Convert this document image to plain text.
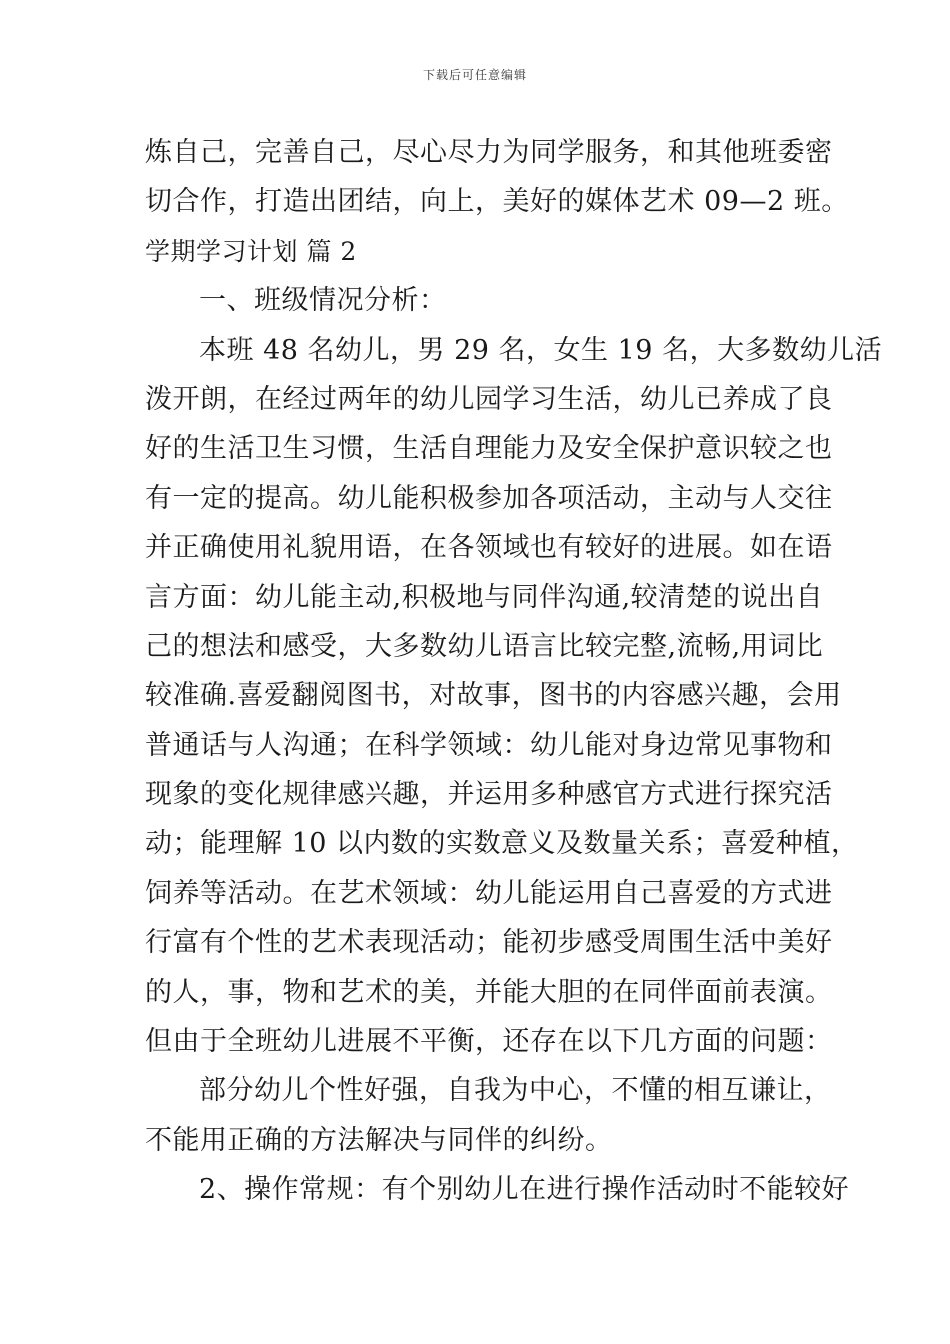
下载后可任意编辑
炼自己，完善自己，尽心尽力为同学服务，和其他班委密
切合作，打造出团结，向上，美好的媒体艺术 09—2 班。
学期学习计划 篇 2
一、班级情况分析：
本班 48 名幼儿，男 29 名，女生 19 名，大多数幼儿活
泼开朗，在经过两年的幼儿园学习生活，幼儿已养成了良
好的生活卫生习惯，生活自理能力及安全保护意识较之也
有一定的提高。幼儿能积极参加各项活动，主动与人交往
并正确使用礼貌用语，在各领域也有较好的进展。如在语
言方面：幼儿能主动,积极地与同伴沟通,较清楚的说出自
己的想法和感受，大多数幼儿语言比较完整,流畅,用词比
较准确.喜爱翻阅图书，对故事，图书的内容感兴趣，会用
普通话与人沟通；在科学领域：幼儿能对身边常见事物和
现象的变化规律感兴趣，并运用多种感官方式进行探究活
动；能理解 10 以内数的实数意义及数量关系；喜爱种植，
饲养等活动。在艺术领域：幼儿能运用自己喜爱的方式进
行富有个性的艺术表现活动；能初步感受周围生活中美好
的人，事，物和艺术的美，并能大胆的在同伴面前表演。
但由于全班幼儿进展不平衡，还存在以下几方面的问题：
部分幼儿个性好强，自我为中心，不懂的相互谦让，
不能用正确的方法解决与同伴的纠纷。
2、操作常规：有个别幼儿在进行操作活动时不能较好
